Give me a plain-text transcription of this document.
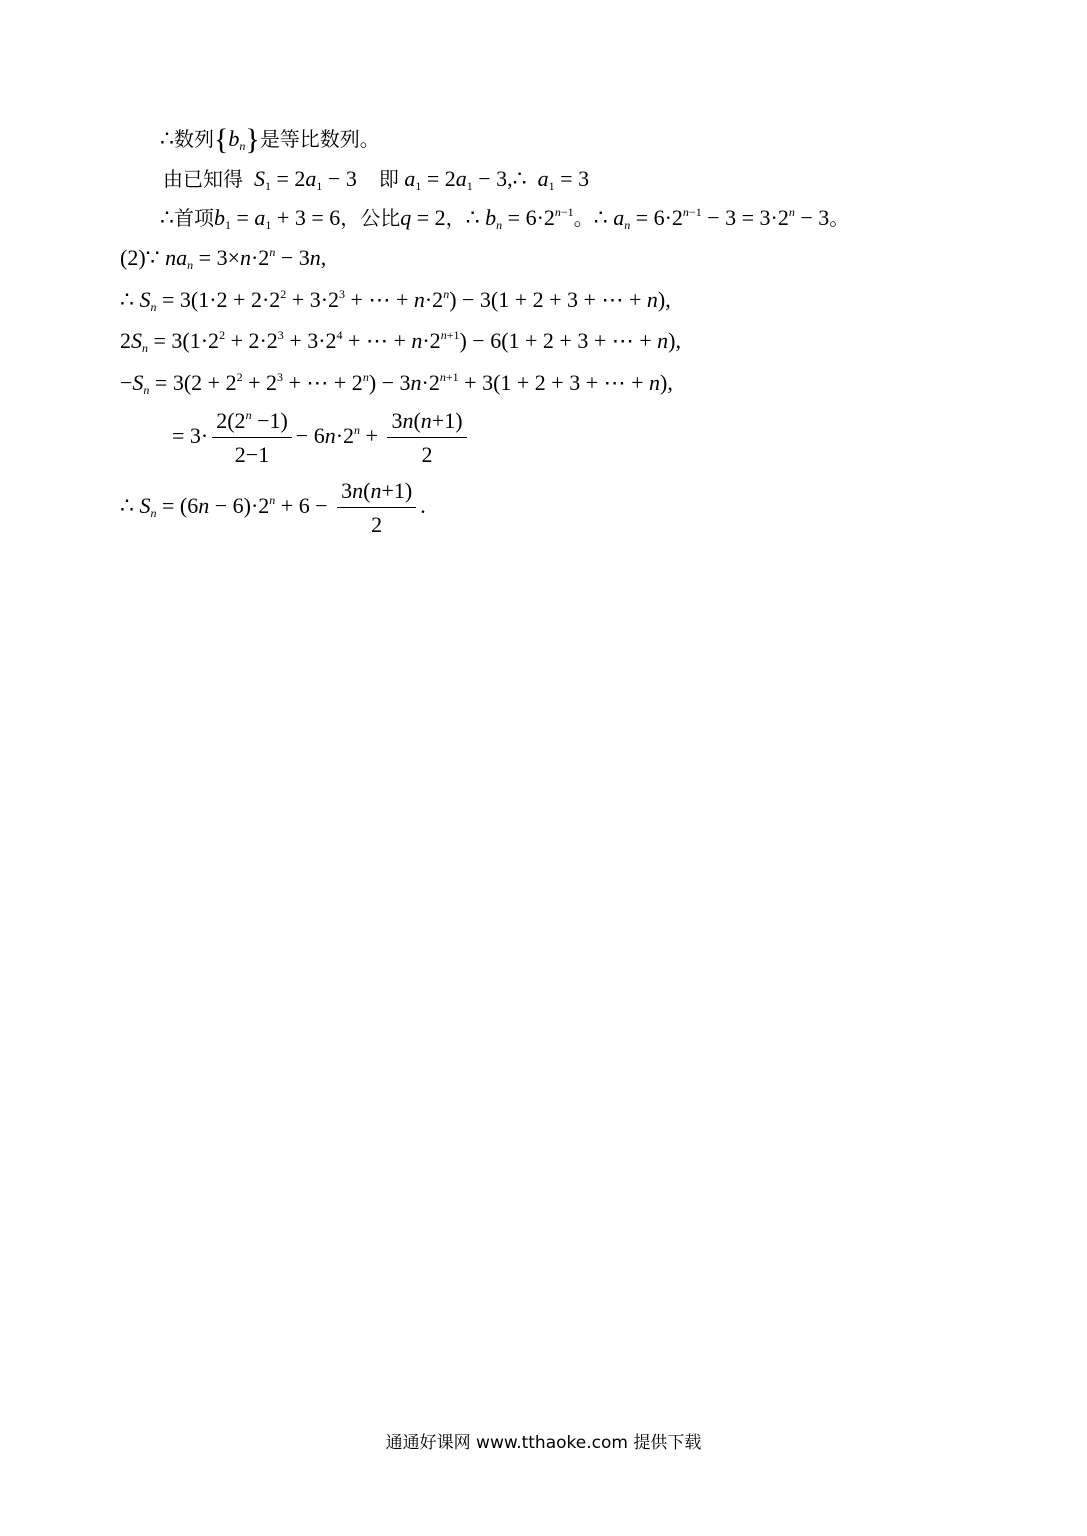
∴数列$\{b_n\}$是等比数列。
由已知得 $S_1 = 2a_1 - 3$    即 $a_1 = 2a_1$ − 3,∴  $a_1 = 3$
∴首项$b_1 = a_1 + 3 = 6$，公比q = 2，∴ $b_n = 6\cdot 2^{n-1}$。∴ $a_n = 6\cdot 2^{n-1} - 3 = 3\cdot 2^n - 3$。
(2)∵ $na_n = 3\times n\cdot 2^n - 3n$,
∴ $S_n = 3(1\cdot 2 + 2\cdot 2^2 + 3\cdot 2^3$ + ⋯ + $n\cdot 2^n) - 3(1 + 2 + 3$ + ⋯ + n),
$2S_n = 3(1\cdot 2^2 + 2\cdot 2^3 + 3\cdot 2^4$ + ⋯ + $n\cdot 2^{n+1}) - 6(1 + 2 + 3$ + ⋯ + n),
$-S_n = 3(2 + 2^2 + 2^3$ + ⋯ + $2^n) - 3n\cdot 2^{n+1} + 3(1 + 2 + 3$ + ⋯ + n),
= $3\cdot \frac{2(2^n -1)}{2-1} - 6n\cdot 2^n + \frac{3n(n+1)}{2}$
∴ $S_n = (6n - 6)\cdot 2^n + 6 - \frac{3n(n+1)}{2}$ .
通通好课网 www.tthaoke.com 提供下载
